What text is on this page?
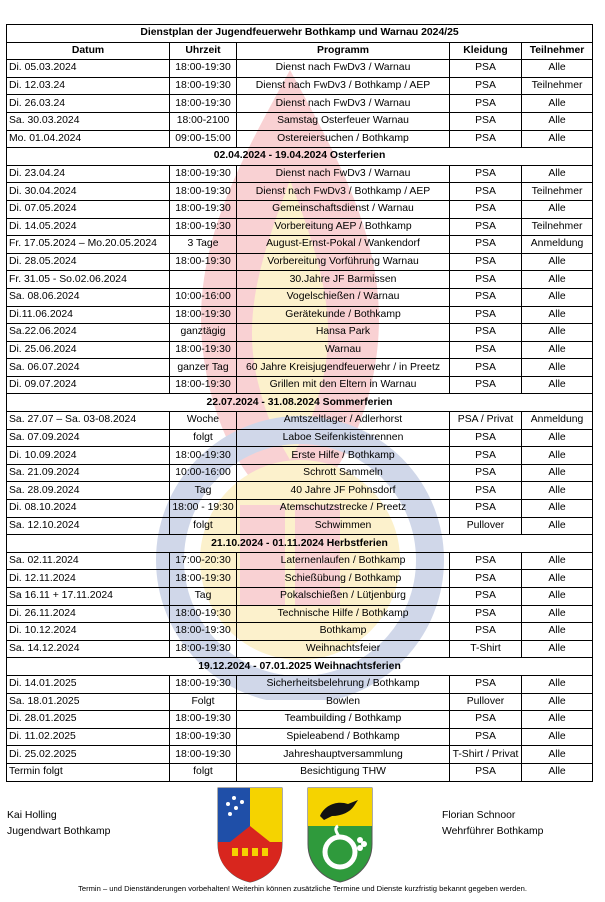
Dienstplan der Jugendfeuerwehr Bothkamp und Warnau 2024/25				
Datum	Uhrzeit	Programm	Kleidung	Teilnehmer
Di. 05.03.2024	18:00-19:30	Dienst nach FwDv3 / Warnau	PSA	Alle
Di. 12.03.24	18:00-19:30	Dienst nach FwDv3 / Bothkamp / AEP	PSA	Teilnehmer
Di. 26.03.24	18:00-19:30	Dienst nach FwDv3 / Warnau	PSA	Alle
Sa. 30.03.2024	18:00-2100	Samstag Osterfeuer Warnau	PSA	Alle
Mo. 01.04.2024	09:00-15:00	Ostereiersuchen / Bothkamp	PSA	Alle
02.04.2024 - 19.04.2024 Osterferien				
Di. 23.04.24	18:00-19:30	Dienst nach FwDv3 / Warnau	PSA	Alle
Di. 30.04.2024	18:00-19:30	Dienst nach FwDv3 / Bothkamp / AEP	PSA	Teilnehmer
Di. 07.05.2024	18:00-19:30	Gemeinschaftsdienst / Warnau	PSA	Alle
Di. 14.05.2024	18:00-19:30	Vorbereitung AEP / Bothkamp	PSA	Teilnehmer
Fr. 17.05.2024 – Mo.20.05.2024	3 Tage	August-Ernst-Pokal / Wankendorf	PSA	Anmeldung
Di. 28.05.2024	18:00-19:30	Vorbereitung Vorführung Warnau	PSA	Alle
Fr. 31.05 - So.02.06.2024		30.Jahre JF Barmissen	PSA	Alle
Sa. 08.06.2024	10:00-16:00	Vogelschießen / Warnau	PSA	Alle
Di.11.06.2024	18:00-19:30	Gerätekunde / Bothkamp	PSA	Alle
Sa.22.06.2024	ganztägig	Hansa Park	PSA	Alle
Di. 25.06.2024	18:00-19:30	Warnau	PSA	Alle
Sa. 06.07.2024	ganzer Tag	60 Jahre Kreisjugendfeuerwehr / in Preetz	PSA	Alle
Di. 09.07.2024	18:00-19:30	Grillen mit den Eltern in Warnau	PSA	Alle
22.07.2024 - 31.08.2024 Sommerferien				
Sa. 27.07 – Sa. 03-08.2024	Woche	Amtszeltlager / Adlerhorst	PSA / Privat	Anmeldung
Sa. 07.09.2024	folgt	Laboe Seifenkistenrennen	PSA	Alle
Di. 10.09.2024	18:00-19:30	Erste Hilfe / Bothkamp	PSA	Alle
Sa. 21.09.2024	10:00-16:00	Schrott Sammeln	PSA	Alle
Sa. 28.09.2024	Tag	40 Jahre JF Pohnsdorf	PSA	Alle
Di. 08.10.2024	18:00 - 19:30	Atemschutzstrecke / Preetz	PSA	Alle
Sa. 12.10.2024	folgt	Schwimmen	Pullover	Alle
21.10.2024 - 01.11.2024 Herbstferien				
Sa. 02.11.2024	17:00-20:30	Laternenlaufen / Bothkamp	PSA	Alle
Di. 12.11.2024	18:00-19:30	Schießübung / Bothkamp	PSA	Alle
Sa 16.11 + 17.11.2024	Tag	Pokalschießen / Lütjenburg	PSA	Alle
Di. 26.11.2024	18:00-19:30	Technische Hilfe / Bothkamp	PSA	Alle
Di. 10.12.2024	18:00-19:30	Bothkamp	PSA	Alle
Sa. 14.12.2024	18:00-19:30	Weihnachtsfeier	T-Shirt	Alle
19.12.2024 - 07.01.2025 Weihnachtsferien				
Di. 14.01.2025	18:00-19:30	Sicherheitsbelehrung / Bothkamp	PSA	Alle
Sa. 18.01.2025	Folgt	Bowlen	Pullover	Alle
Di. 28.01.2025	18:00-19:30	Teambuilding / Bothkamp	PSA	Alle
Di. 11.02.2025	18:00-19:30	Spieleabend / Bothkamp	PSA	Alle
Di. 25.02.2025	18:00-19:30	Jahreshauptversammlung	T-Shirt / Privat	Alle
Termin folgt	folgt	Besichtigung THW	PSA	Alle
Kai Holling
Jugendwart Bothkamp
Florian Schnoor
Wehrführer Bothkamp
Termin – und Dienständerungen vorbehalten! Weiterhin können zusätzliche Termine und Dienste kurzfristig bekannt gegeben werden.
